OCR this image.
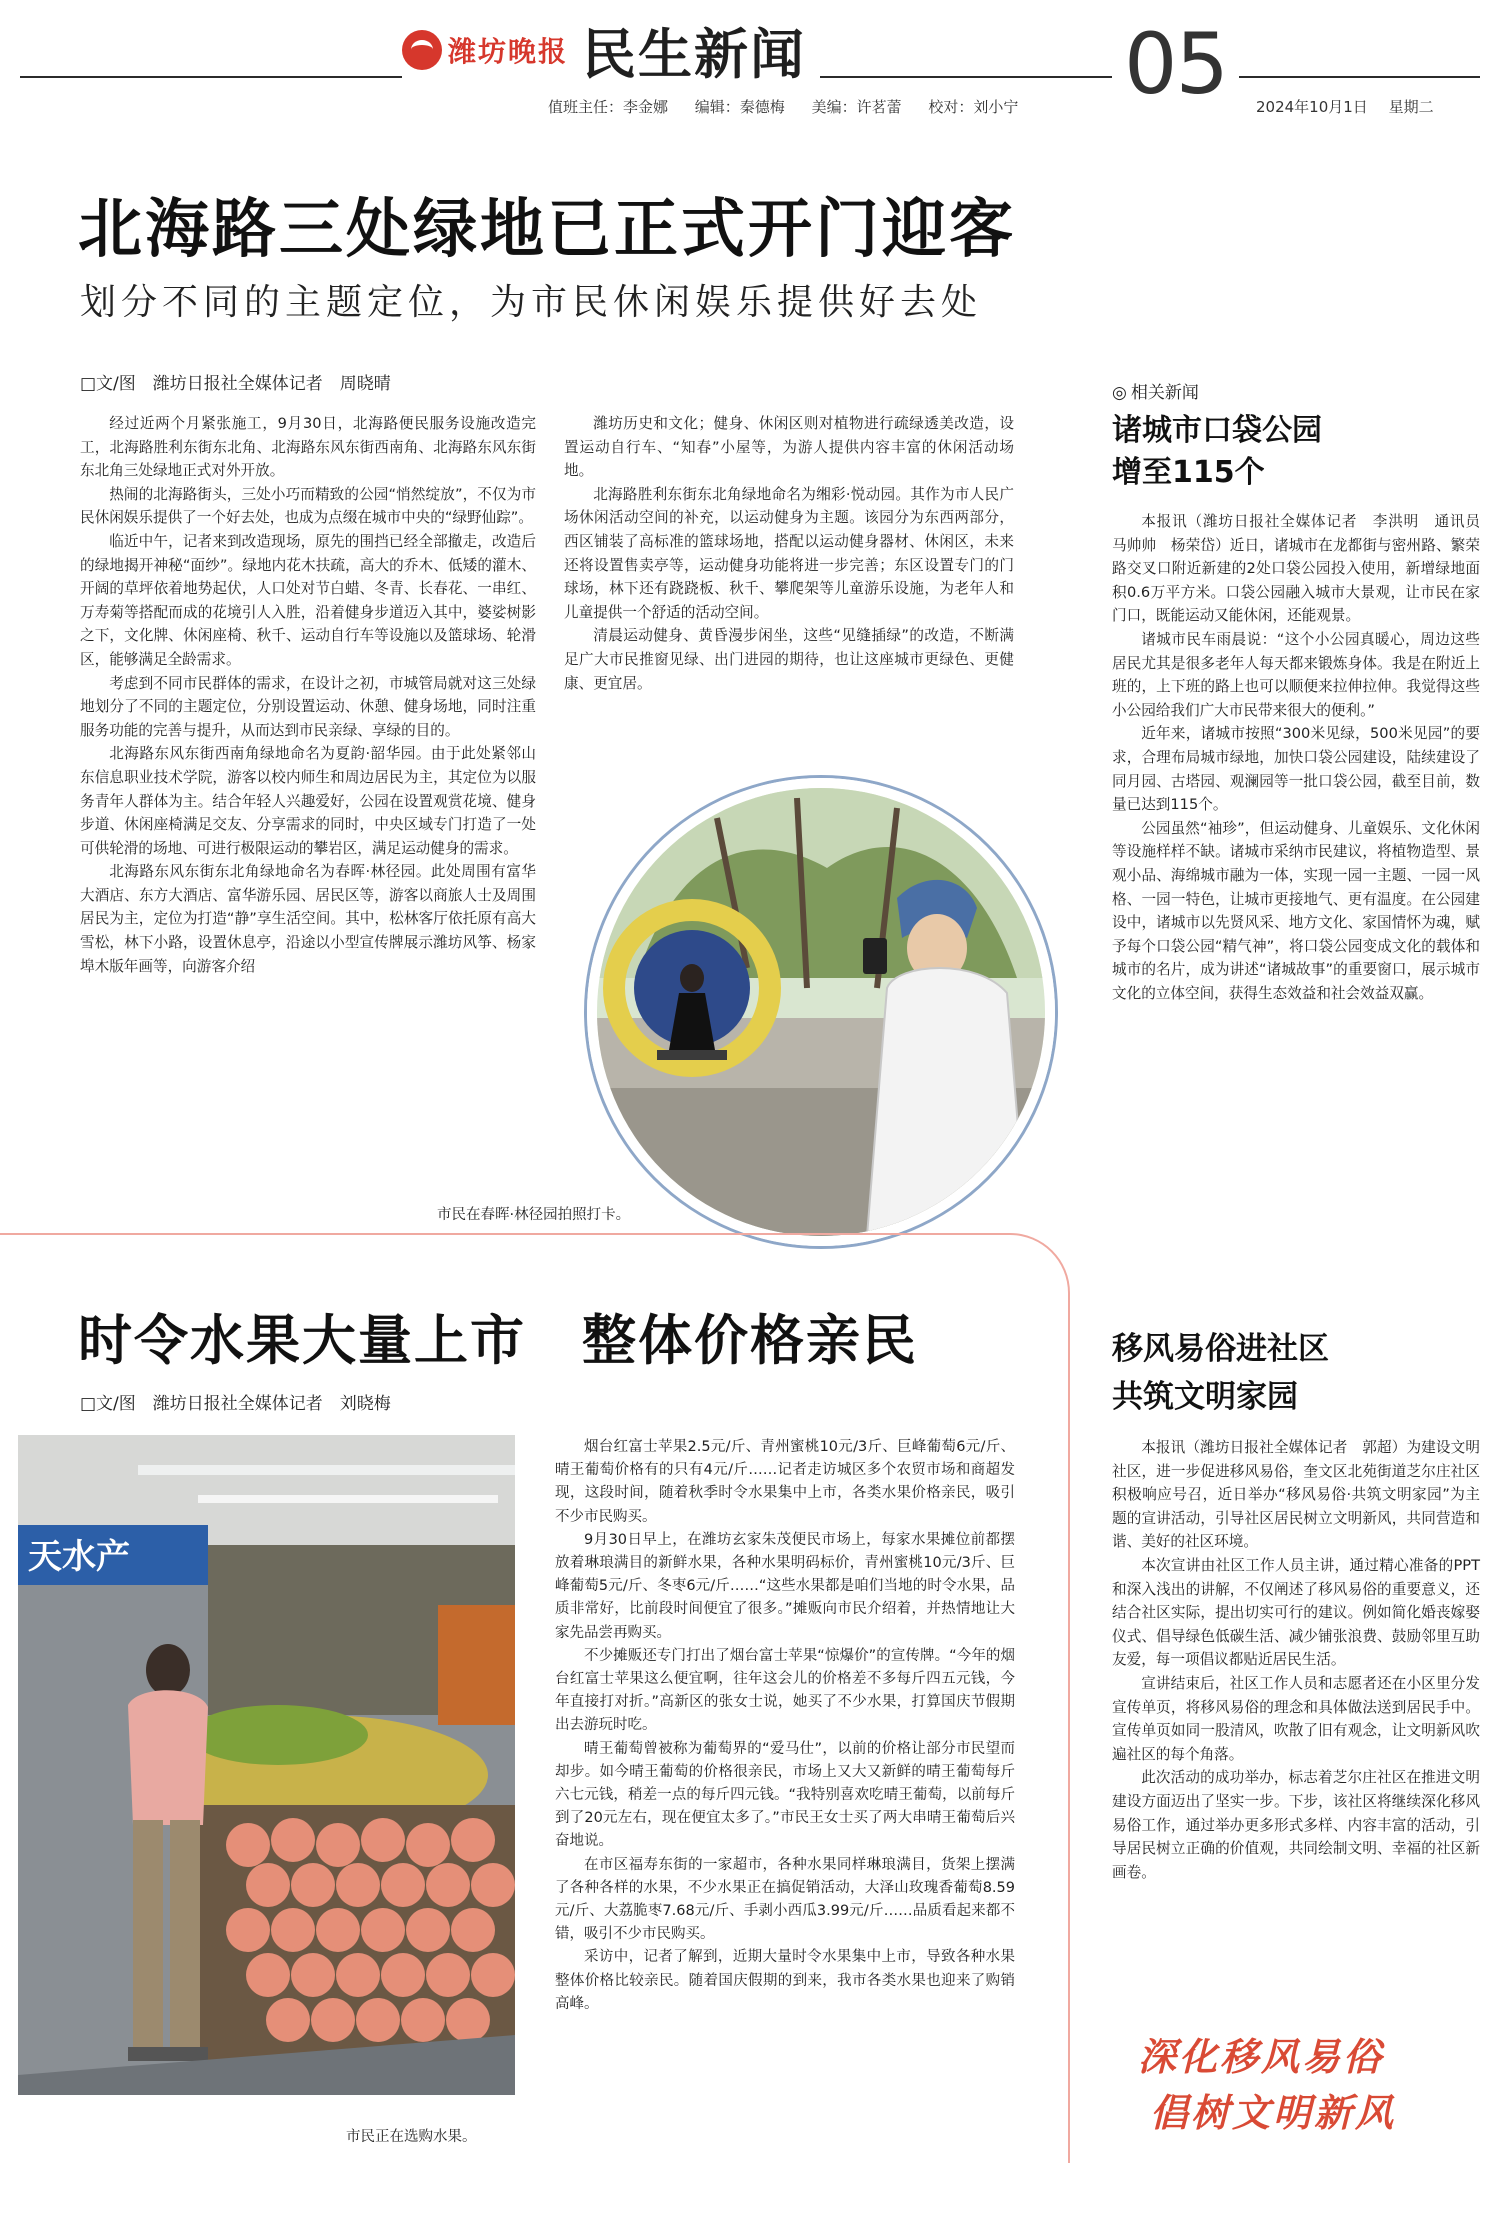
潍坊晚报 民生新闻	05
值班主任：李金娜 编辑：秦德梅 美编：许茗蕾 校对：刘小宁	2024年10月1日 星期二
北海路三处绿地已正式开门迎客
划分不同的主题定位，为市民休闲娱乐提供好去处
□文/图　潍坊日报社全媒体记者　周晓晴

经过近两个月紧张施工，9月30日，北海路便民服务设施改造完工，北海路胜利东街东北角、北海路东风东街西南角、北海路东风东街东北角三处绿地正式对外开放。

热闹的北海路街头，三处小巧而精致的公园“悄然绽放”，不仅为市民休闲娱乐提供了一个好去处，也成为点缀在城市中央的“绿野仙踪”。

临近中午，记者来到改造现场，原先的围挡已经全部撤走，改造后的绿地揭开神秘“面纱”。绿地内花木扶疏，高大的乔木、低矮的灌木、开阔的草坪依着地势起伏，人口处对节白蜡、冬青、长春花、一串红、万寿菊等搭配而成的花境引人入胜，沿着健身步道迈入其中，婆娑树影之下，文化牌、休闲座椅、秋千、运动自行车等设施以及篮球场、轮滑区，能够满足全龄需求。

考虑到不同市民群体的需求，在设计之初，市城管局就对这三处绿地划分了不同的主题定位，分别设置运动、休憩、健身场地，同时注重服务功能的完善与提升，从而达到市民亲绿、享绿的目的。

北海路东风东街西南角绿地命名为夏韵·韶华园。由于此处紧邻山东信息职业技术学院，游客以校内师生和周边居民为主，其定位为以服务青年人群体为主。结合年轻人兴趣爱好，公园在设置观赏花境、健身步道、休闲座椅满足交友、分享需求的同时，中央区域专门打造了一处可供轮滑的场地、可进行极限运动的攀岩区，满足运动健身的需求。

北海路东风东街东北角绿地命名为春晖·林径园。此处周围有富华大酒店、东方大酒店、富华游乐园、居民区等，游客以商旅人士及周围居民为主，定位为打造“静”享生活空间。其中，松林客厅依托原有高大雪松，林下小路，设置休息亭，沿途以小型宣传牌展示潍坊风筝、杨家埠木版年画等，向游客介绍

潍坊历史和文化；健身、休闲区则对植物进行疏绿透美改造，设置运动自行车、“知春”小屋等，为游人提供内容丰富的休闲活动场地。

北海路胜利东街东北角绿地命名为缃彩·悦动园。其作为市人民广场休闲活动空间的补充，以运动健身为主题。该园分为东西两部分，西区铺装了高标准的篮球场地，搭配以运动健身器材、休闲区，未来还将设置售卖亭等，运动健身功能将进一步完善；东区设置专门的门球场，林下还有跷跷板、秋千、攀爬架等儿童游乐设施，为老年人和儿童提供一个舒适的活动空间。

清晨运动健身、黄昏漫步闲坐，这些“见缝插绿”的改造，不断满足广大市民推窗见绿、出门进园的期待，也让这座城市更绿色、更健康、更宜居。

市民在春晖·林径园拍照打卡。
◎ 相关新闻
诸城市口袋公园
增至115个

本报讯（潍坊日报社全媒体记者　李洪明　通讯员　马帅帅　杨荣岱）近日，诸城市在龙都街与密州路、繁荣路交叉口附近新建的2处口袋公园投入使用，新增绿地面积0.6万平方米。口袋公园融入城市大景观，让市民在家门口，既能运动又能休闲，还能观景。

诸城市民车雨晨说：“这个小公园真暖心，周边这些居民尤其是很多老年人每天都来锻炼身体。我是在附近上班的，上下班的路上也可以顺便来拉伸拉伸。我觉得这些小公园给我们广大市民带来很大的便利。”

近年来，诸城市按照“300米见绿，500米见园”的要求，合理布局城市绿地，加快口袋公园建设，陆续建设了同月园、古塔园、观澜园等一批口袋公园，截至目前，数量已达到115个。

公园虽然“袖珍”，但运动健身、儿童娱乐、文化休闲等设施样样不缺。诸城市采纳市民建议，将植物造型、景观小品、海绵城市融为一体，实现一园一主题、一园一风格、一园一特色，让城市更接地气、更有温度。在公园建设中，诸城市以先贤风采、地方文化、家国情怀为魂，赋予每个口袋公园“精气神”，将口袋公园变成文化的载体和城市的名片，成为讲述“诸城故事”的重要窗口，展示城市文化的立体空间，获得生态效益和社会效益双赢。

时令水果大量上市　整体价格亲民
□文/图　潍坊日报社全媒体记者　刘晓梅
天水产
市民正在选购水果。

烟台红富士苹果2.5元/斤、青州蜜桃10元/3斤、巨峰葡萄6元/斤、晴王葡萄价格有的只有4元/斤……记者走访城区多个农贸市场和商超发现，这段时间，随着秋季时令水果集中上市，各类水果价格亲民，吸引不少市民购买。

9月30日早上，在潍坊玄家朱茂便民市场上，每家水果摊位前都摆放着琳琅满目的新鲜水果，各种水果明码标价，青州蜜桃10元/3斤、巨峰葡萄5元/斤、冬枣6元/斤……“这些水果都是咱们当地的时令水果，品质非常好，比前段时间便宜了很多。”摊贩向市民介绍着，并热情地让大家先品尝再购买。

不少摊贩还专门打出了烟台富士苹果“惊爆价”的宣传牌。“今年的烟台红富士苹果这么便宜啊，往年这会儿的价格差不多每斤四五元钱，今年直接打对折。”高新区的张女士说，她买了不少水果，打算国庆节假期出去游玩时吃。

晴王葡萄曾被称为葡萄界的“爱马仕”，以前的价格让部分市民望而却步。如今晴王葡萄的价格很亲民，市场上又大又新鲜的晴王葡萄每斤六七元钱，稍差一点的每斤四元钱。“我特别喜欢吃晴王葡萄，以前每斤到了20元左右，现在便宜太多了。”市民王女士买了两大串晴王葡萄后兴奋地说。

在市区福寿东街的一家超市，各种水果同样琳琅满目，货架上摆满了各种各样的水果，不少水果正在搞促销活动，大泽山玫瑰香葡萄8.59元/斤、大荔脆枣7.68元/斤、手剥小西瓜3.99元/斤……品质看起来都不错，吸引不少市民购买。

采访中，记者了解到，近期大量时令水果集中上市，导致各种水果整体价格比较亲民。随着国庆假期的到来，我市各类水果也迎来了购销高峰。

移风易俗进社区
共筑文明家园

本报讯（潍坊日报社全媒体记者　郭超）为建设文明社区，进一步促进移风易俗，奎文区北苑街道芝尔庄社区积极响应号召，近日举办“移风易俗·共筑文明家园”为主题的宣讲活动，引导社区居民树立文明新风，共同营造和谐、美好的社区环境。

本次宣讲由社区工作人员主讲，通过精心准备的PPT和深入浅出的讲解，不仅阐述了移风易俗的重要意义，还结合社区实际，提出切实可行的建议。例如简化婚丧嫁娶仪式、倡导绿色低碳生活、减少铺张浪费、鼓励邻里互助友爱，每一项倡议都贴近居民生活。

宣讲结束后，社区工作人员和志愿者还在小区里分发宣传单页，将移风易俗的理念和具体做法送到居民手中。宣传单页如同一股清风，吹散了旧有观念，让文明新风吹遍社区的每个角落。

此次活动的成功举办，标志着芝尔庄社区在推进文明建设方面迈出了坚实一步。下步，该社区将继续深化移风易俗工作，通过举办更多形式多样、内容丰富的活动，引导居民树立正确的价值观，共同绘制文明、幸福的社区新画卷。

深化移风易俗
倡树文明新风
